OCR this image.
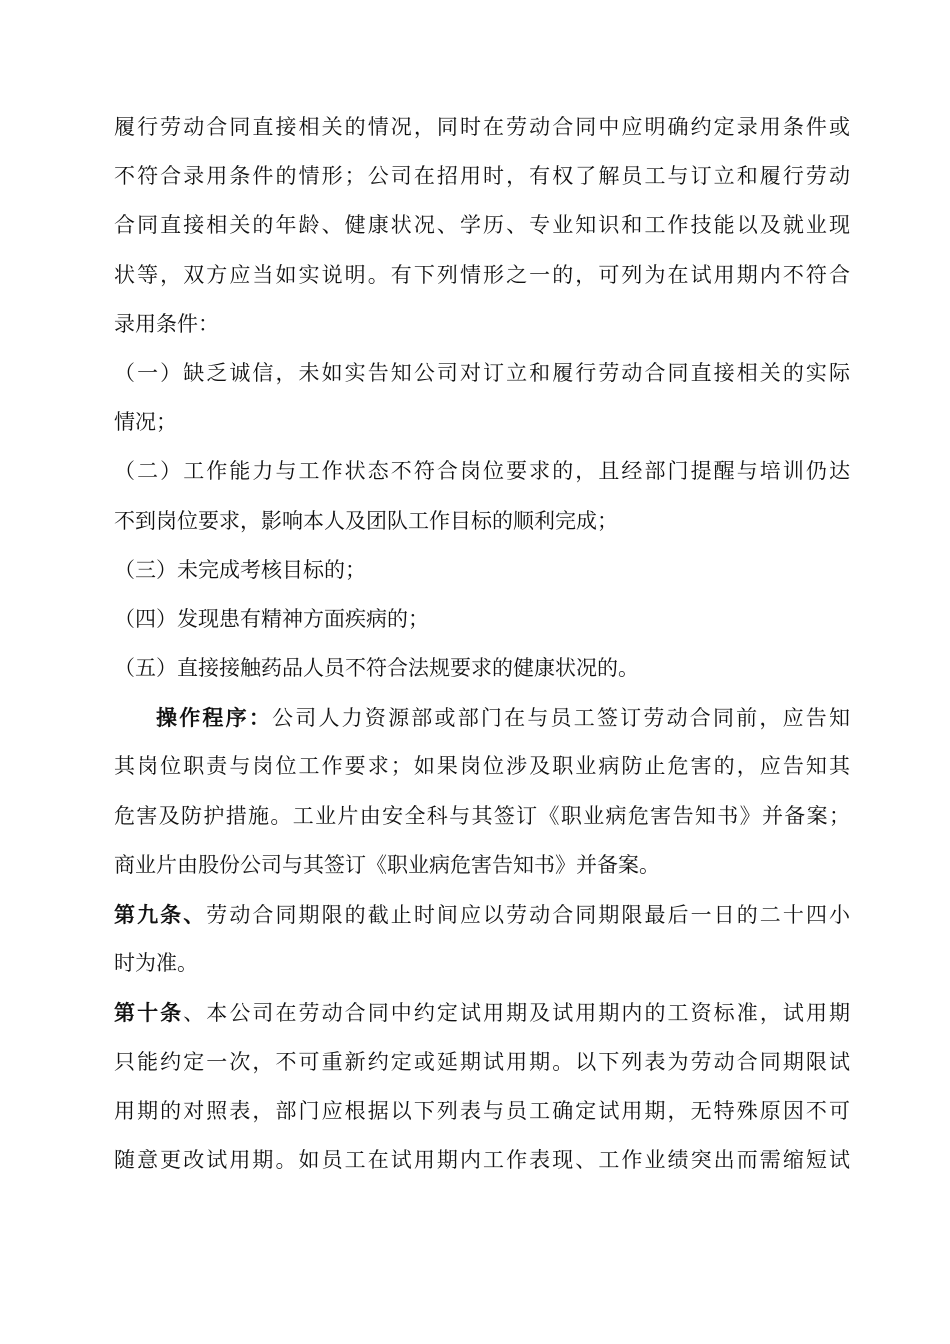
履行劳动合同直接相关的情况，同时在劳动合同中应明确约定录用条件或
不符合录用条件的情形；公司在招用时，有权了解员工与订立和履行劳动
合同直接相关的年龄、健康状况、学历、专业知识和工作技能以及就业现
状等，双方应当如实说明。有下列情形之一的，可列为在试用期内不符合
录用条件：
（一）缺乏诚信，未如实告知公司对订立和履行劳动合同直接相关的实际
情况；
（二）工作能力与工作状态不符合岗位要求的，且经部门提醒与培训仍达
不到岗位要求，影响本人及团队工作目标的顺利完成；
（三）未完成考核目标的；
（四）发现患有精神方面疾病的；
（五）直接接触药品人员不符合法规要求的健康状况的。
操作程序：公司人力资源部或部门在与员工签订劳动合同前，应告知
其岗位职责与岗位工作要求；如果岗位涉及职业病防止危害的，应告知其
危害及防护措施。工业片由安全科与其签订《职业病危害告知书》并备案；
商业片由股份公司与其签订《职业病危害告知书》并备案。
第九条、劳动合同期限的截止时间应以劳动合同期限最后一日的二十四小
时为准。
第十条、本公司在劳动合同中约定试用期及试用期内的工资标准，试用期
只能约定一次，不可重新约定或延期试用期。以下列表为劳动合同期限试
用期的对照表，部门应根据以下列表与员工确定试用期，无特殊原因不可
随意更改试用期。如员工在试用期内工作表现、工作业绩突出而需缩短试
